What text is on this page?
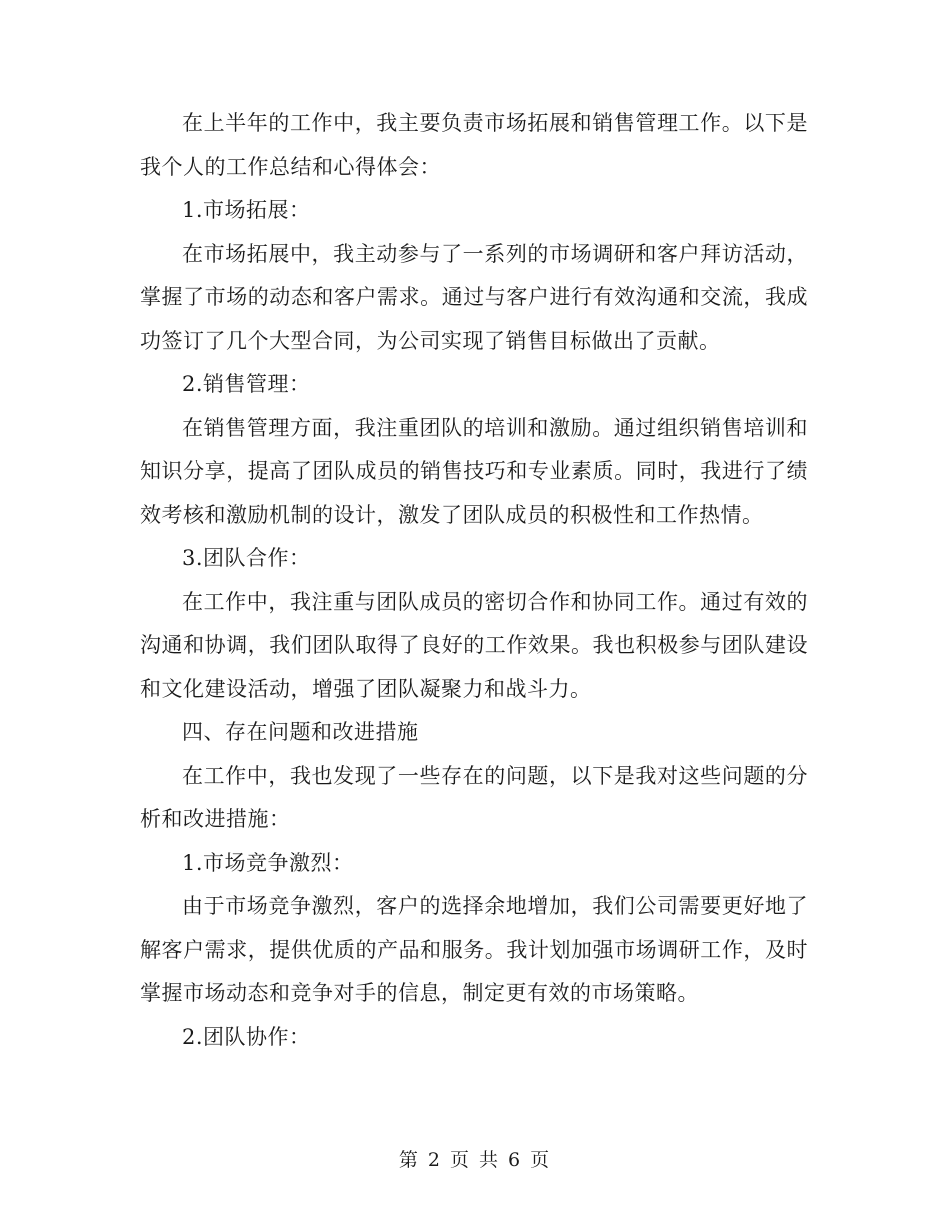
在上半年的工作中，我主要负责市场拓展和销售管理工作。以下是我个人的工作总结和心得体会：

1.市场拓展：

在市场拓展中，我主动参与了一系列的市场调研和客户拜访活动，掌握了市场的动态和客户需求。通过与客户进行有效沟通和交流，我成功签订了几个大型合同，为公司实现了销售目标做出了贡献。

2.销售管理：

在销售管理方面，我注重团队的培训和激励。通过组织销售培训和知识分享，提高了团队成员的销售技巧和专业素质。同时，我进行了绩效考核和激励机制的设计，激发了团队成员的积极性和工作热情。

3.团队合作：

在工作中，我注重与团队成员的密切合作和协同工作。通过有效的沟通和协调，我们团队取得了良好的工作效果。我也积极参与团队建设和文化建设活动，增强了团队凝聚力和战斗力。

四、存在问题和改进措施

在工作中，我也发现了一些存在的问题，以下是我对这些问题的分析和改进措施：

1.市场竞争激烈：

由于市场竞争激烈，客户的选择余地增加，我们公司需要更好地了解客户需求，提供优质的产品和服务。我计划加强市场调研工作，及时掌握市场动态和竞争对手的信息，制定更有效的市场策略。

2.团队协作：

第 2 页 共 6 页
